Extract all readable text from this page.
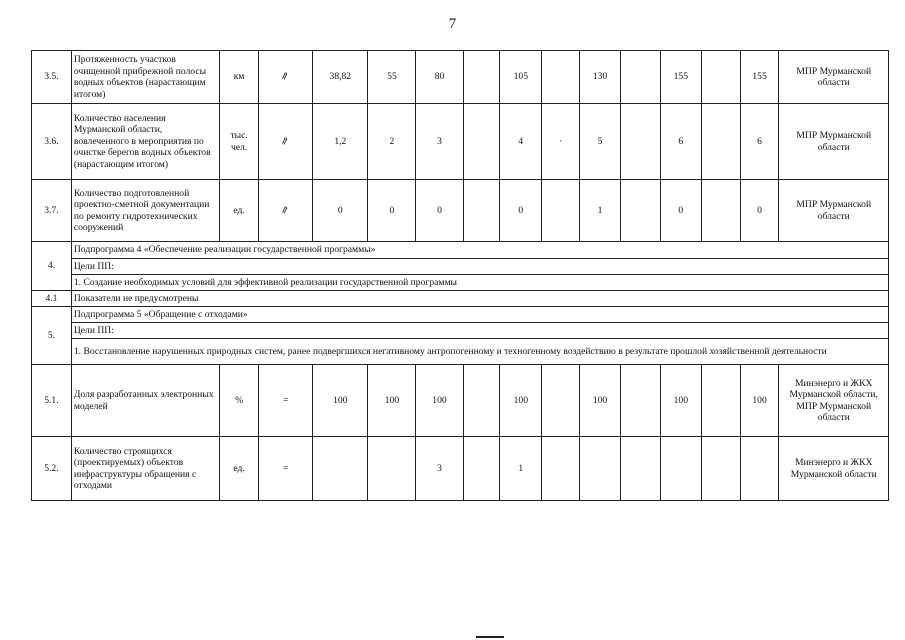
7
3.5.	Протяженность участков очищенной прибрежной полосы водных объектов (нарастающим итогом)	км	⇗	38,82	55	80		105		130		155		155	МПР Мурманской области
3.6.	Количество населения Мурманской области, вовлеченного в мероприятия по очистке берегов водных объектов (нарастающим итогом)	тыс. чел.	⇗	1,2	2	3		4	·	5		6		6	МПР Мурманской области
3.7.	Количество подготовленной проектно-сметной документации по ремонту гидротехнических сооружений	ед.	⇗	0	0	0		0		1		0		0	МПР Мурманской области
4.	Подпрограмма 4 «Обеспечение реализации государственной программы»														
	Цели ПП:														
	1. Создание необходимых условий для эффективной реализации государственной программы														
4.1	Показатели не предусмотрены														
5.	Подпрограмма 5 «Обращение с отходами»														
	Цели ПП:														
	1. Восстановление нарушенных природных систем, ранее подвергшихся негативному антропогенному и техногенному воздействию в результате прошлой хозяйственной деятельности														
5.1.	Доля разработанных электронных моделей	%	=	100	100	100		100		100		100		100	Минэнерго и ЖКХ Мурманской области, МПР Мурманской области
5.2.	Количество строящихся (проектируемых) объектов инфраструктуры обращения с отходами	ед.	=			3		1							Минэнерго и ЖКХ Мурманской области
